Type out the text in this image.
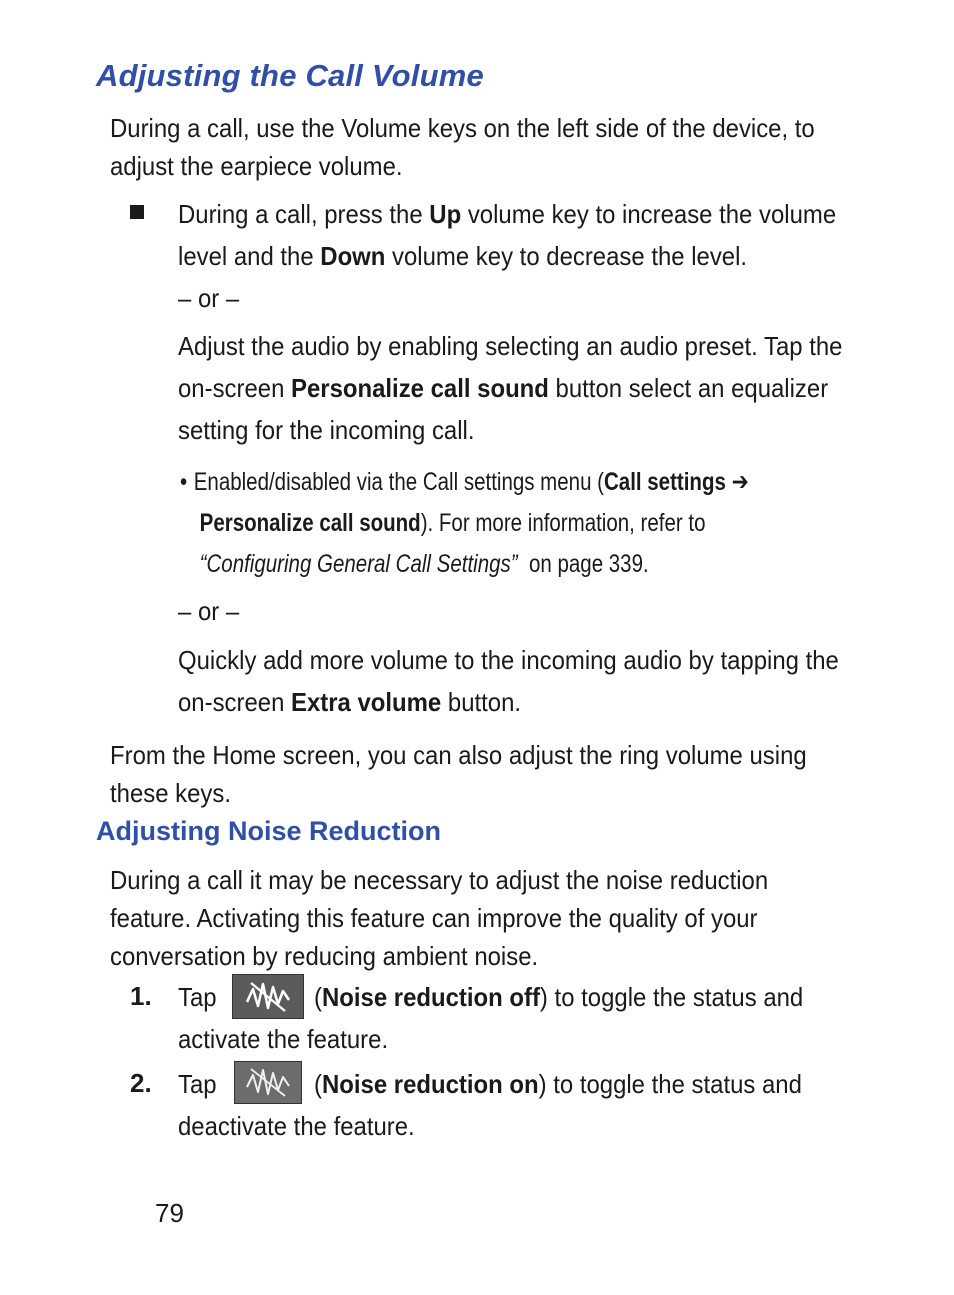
Adjusting the Call Volume
During a call, use the Volume keys on the left side of the device, to
adjust the earpiece volume.
During a call, press the Up volume key to increase the volume
level and the Down volume key to decrease the level.
– or –
Adjust the audio by enabling selecting an audio preset. Tap the
on-screen Personalize call sound button select an equalizer
setting for the incoming call.
• Enabled/disabled via the Call settings menu (Call settings ➔
Personalize call sound). For more information, refer to
“Configuring General Call Settings” on page 339.
– or –
Quickly add more volume to the incoming audio by tapping the
on-screen Extra volume button.
From the Home screen, you can also adjust the ring volume using
these keys.
Adjusting Noise Reduction
During a call it may be necessary to adjust the noise reduction
feature. Activating this feature can improve the quality of your
conversation by reducing ambient noise.
1. Tap	(Noise reduction off) to toggle the status and
activate the feature.
2. Tap	(Noise reduction on) to toggle the status and
deactivate the feature.
79
